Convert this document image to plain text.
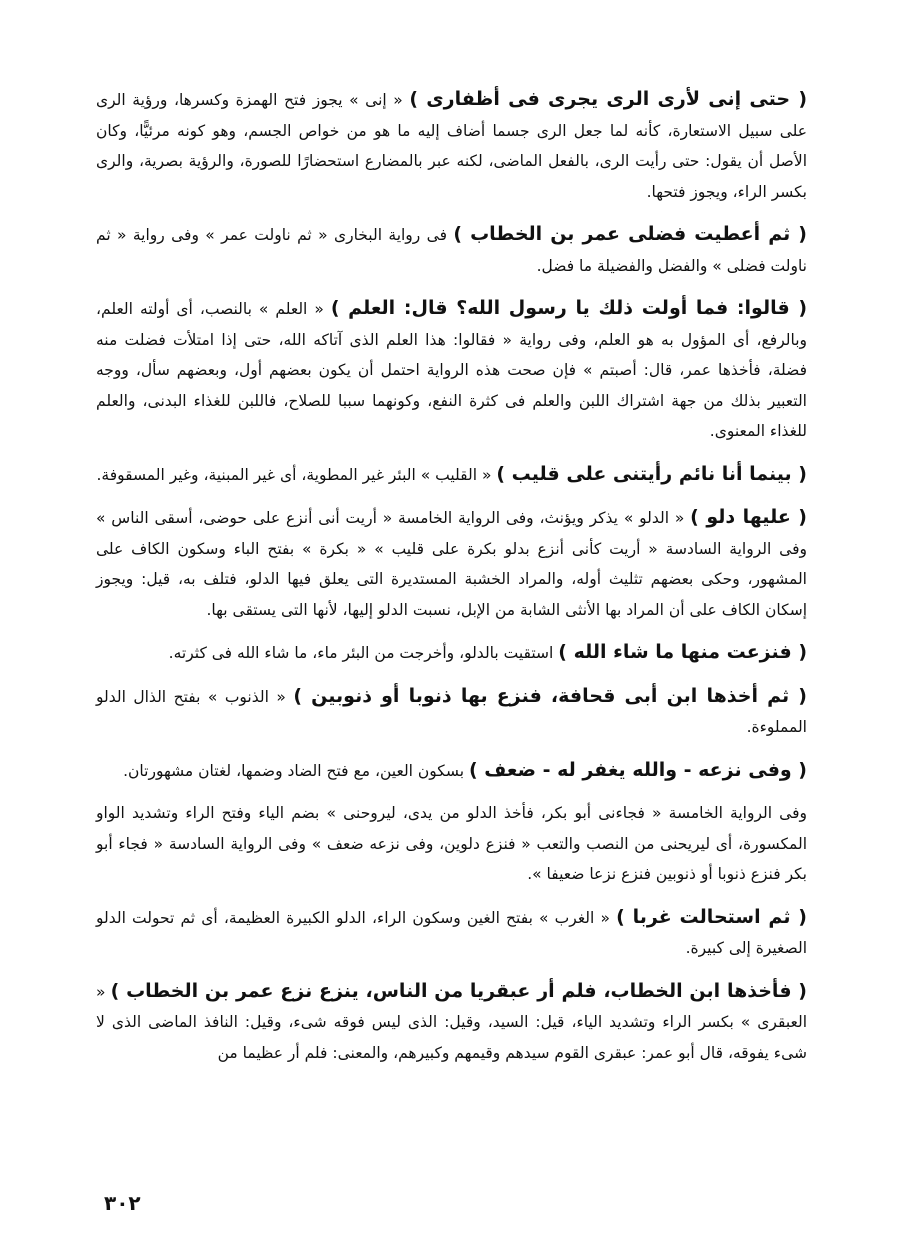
( حتى إنى لأرى الرى يجرى فى أظفارى ) « إنى » يجوز فتح الهمزة وكسرها، ورؤية الرى على سبيل الاستعارة، كأنه لما جعل الرى جسما أضاف إليه ما هو من خواص الجسم، وهو كونه مرئيًّا، وكان الأصل أن يقول: حتى رأيت الرى، بالفعل الماضى، لكنه عبر بالمضارع استحضارًا للصورة، والرؤية بصرية، والرى بكسر الراء، ويجوز فتحها.

( ثم أعطيت فضلى عمر بن الخطاب ) فى رواية البخارى « ثم ناولت عمر » وفى رواية « ثم ناولت فضلى » والفضل والفضيلة ما فضل.

( قالوا: فما أولت ذلك يا رسول الله؟ قال: العلم ) « العلم » بالنصب، أى أولته العلم، وبالرفع، أى المؤول به هو العلم، وفى رواية « فقالوا: هذا العلم الذى آتاكه الله، حتى إذا امتلأت فضلت منه فضلة، فأخذها عمر، قال: أصبتم » فإن صحت هذه الرواية احتمل أن يكون بعضهم أول، وبعضهم سأل، ووجه التعبير بذلك من جهة اشتراك اللبن والعلم فى كثرة النفع، وكونهما سببا للصلاح، فاللبن للغذاء البدنى، والعلم للغذاء المعنوى.

( بينما أنا نائم رأيتنى على قليب ) « القليب » البئر غير المطوية، أى غير المبنية، وغير المسقوفة.

( عليها دلو ) « الدلو » يذكر ويؤنث، وفى الرواية الخامسة « أريت أنى أنزع على حوضى، أسقى الناس » وفى الرواية السادسة « أريت كأنى أنزع بدلو بكرة على قليب » « بكرة » بفتح الباء وسكون الكاف على المشهور، وحكى بعضهم تثليث أوله، والمراد الخشبة المستديرة التى يعلق فيها الدلو، فتلف به، قيل: ويجوز إسكان الكاف على أن المراد بها الأنثى الشابة من الإبل، نسبت الدلو إليها، لأنها التى يستقى بها.

( فنزعت منها ما شاء الله ) استقيت بالدلو، وأخرجت من البئر ماء، ما شاء الله فى كثرته.

( ثم أخذها ابن أبى قحافة، فنزع بها ذنوبا أو ذنوبين ) « الذنوب » بفتح الذال الدلو المملوءة.

( وفى نزعه - والله يغفر له - ضعف ) بسكون العين، مع فتح الضاد وضمها، لغتان مشهورتان.

وفى الرواية الخامسة « فجاءنى أبو بكر، فأخذ الدلو من يدى، ليروحنى » بضم الياء وفتح الراء وتشديد الواو المكسورة، أى ليريحنى من النصب والتعب « فنزع دلوين، وفى نزعه ضعف » وفى الرواية السادسة « فجاء أبو بكر فنزع ذنوبا أو ذنوبين فنزع نزعا ضعيفا ».

( ثم استحالت غربا ) « الغرب » بفتح الغين وسكون الراء، الدلو الكبيرة العظيمة، أى ثم تحولت الدلو الصغيرة إلى كبيرة.

( فأخذها ابن الخطاب، فلم أر عبقريا من الناس، ينزع نزع عمر بن الخطاب ) « العبقرى » بكسر الراء وتشديد الياء، قيل: السيد، وقيل: الذى ليس فوقه شىء، وقيل: النافذ الماضى الذى لا شىء يفوقه، قال أبو عمر: عبقرى القوم سيدهم وقيمهم وكبيرهم، والمعنى: فلم أر عظيما من

٣٠٢
